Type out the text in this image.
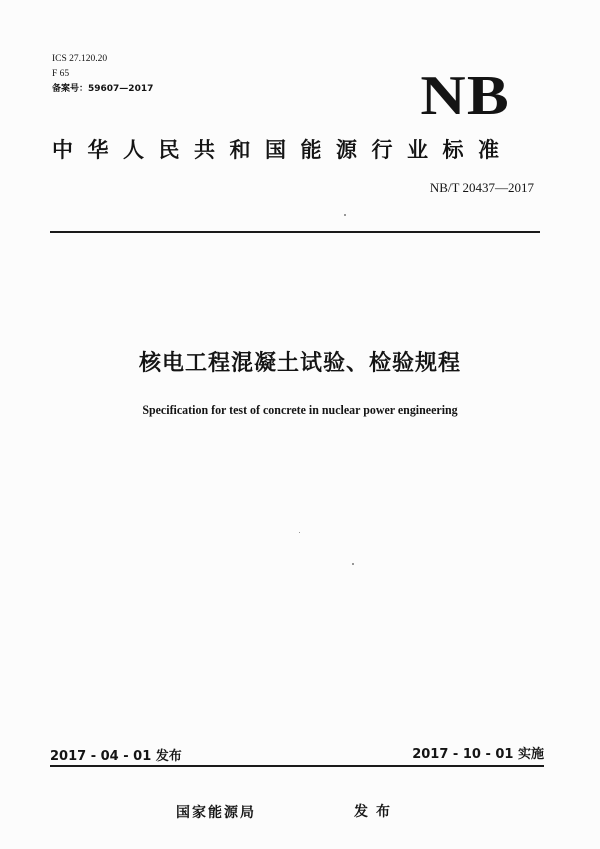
ICS 27.120.20
F 65
备案号：59607—2017	NB
中华人民共和国能源行业标准
NB/T 20437—2017
核电工程混凝土试验、检验规程
Specification for test of concrete in nuclear power engineering
2017 - 04 - 01 发布	2017 - 10 - 01 实施
国家能源局	发布
